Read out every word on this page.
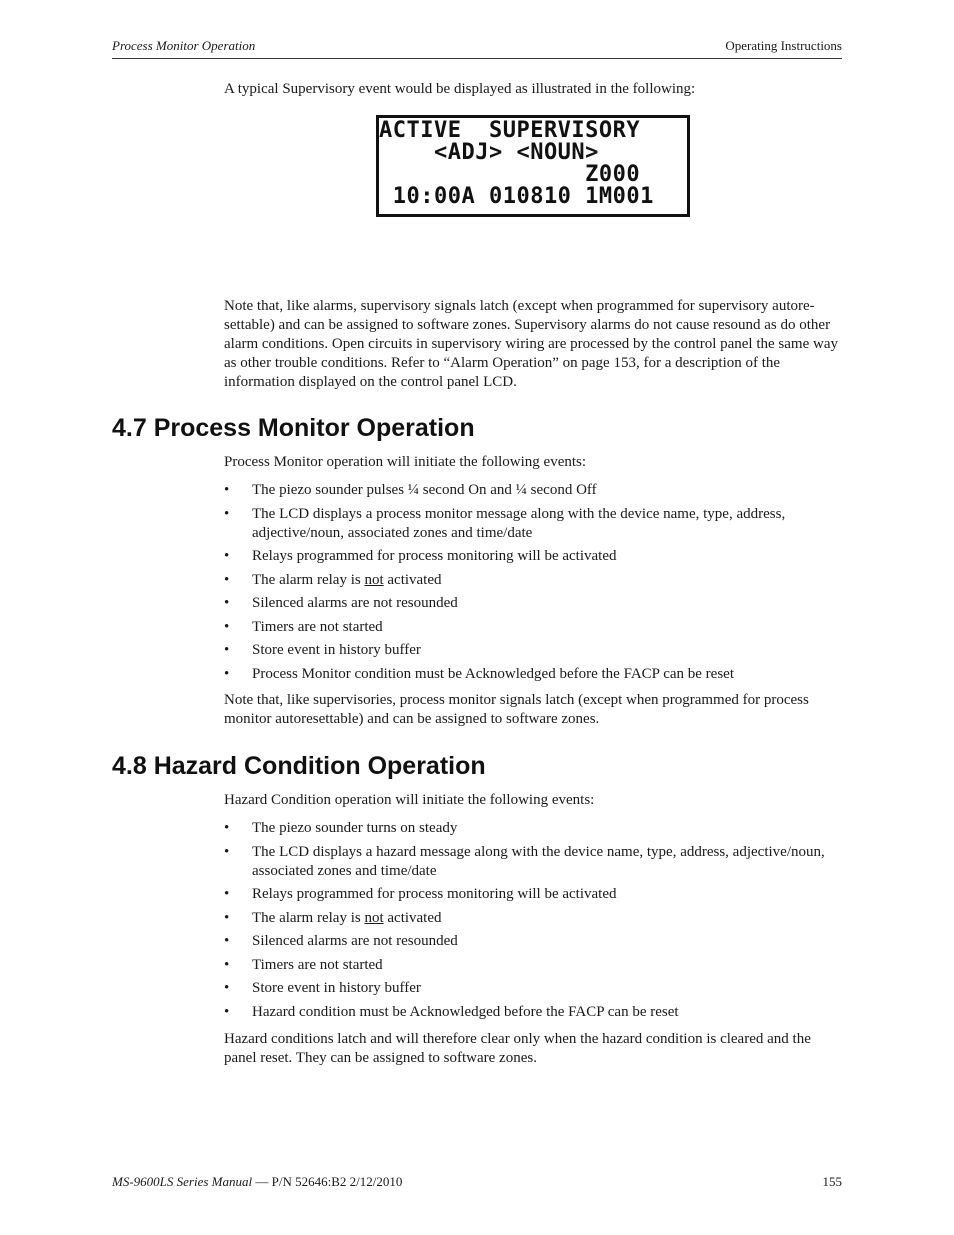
Process Monitor Operation	Operating Instructions

A typical Supervisory event would be displayed as illustrated in the following:

ACTIVE  SUPERVISORY
<ADJ> <NOUN>
Z000
10:00A 010810 1M001

Note that, like alarms, supervisory signals latch (except when programmed for supervisory autore-settable) and can be assigned to software zones. Supervisory alarms do not cause resound as do other alarm conditions. Open circuits in supervisory wiring are processed by the control panel the same way as other trouble conditions. Refer to “Alarm Operation” on page 153, for a description of the information displayed on the control panel LCD.

4.7 Process Monitor Operation

Process Monitor operation will initiate the following events:

• The piezo sounder pulses ¼ second On and ¼ second Off
• The LCD displays a process monitor message along with the device name, type, address, adjective/noun, associated zones and time/date
• Relays programmed for process monitoring will be activated
• The alarm relay is not activated
• Silenced alarms are not resounded
• Timers are not started
• Store event in history buffer
• Process Monitor condition must be Acknowledged before the FACP can be reset

Note that, like supervisories, process monitor signals latch (except when programmed for process monitor autoresettable) and can be assigned to software zones.

4.8 Hazard Condition Operation

Hazard Condition operation will initiate the following events:

• The piezo sounder turns on steady
• The LCD displays a hazard message along with the device name, type, address, adjective/noun, associated zones and time/date
• Relays programmed for process monitoring will be activated
• The alarm relay is not activated
• Silenced alarms are not resounded
• Timers are not started
• Store event in history buffer
• Hazard condition must be Acknowledged before the FACP can be reset

Hazard conditions latch and will therefore clear only when the hazard condition is cleared and the panel reset. They can be assigned to software zones.

MS-9600LS Series Manual — P/N 52646:B2 2/12/2010	155
